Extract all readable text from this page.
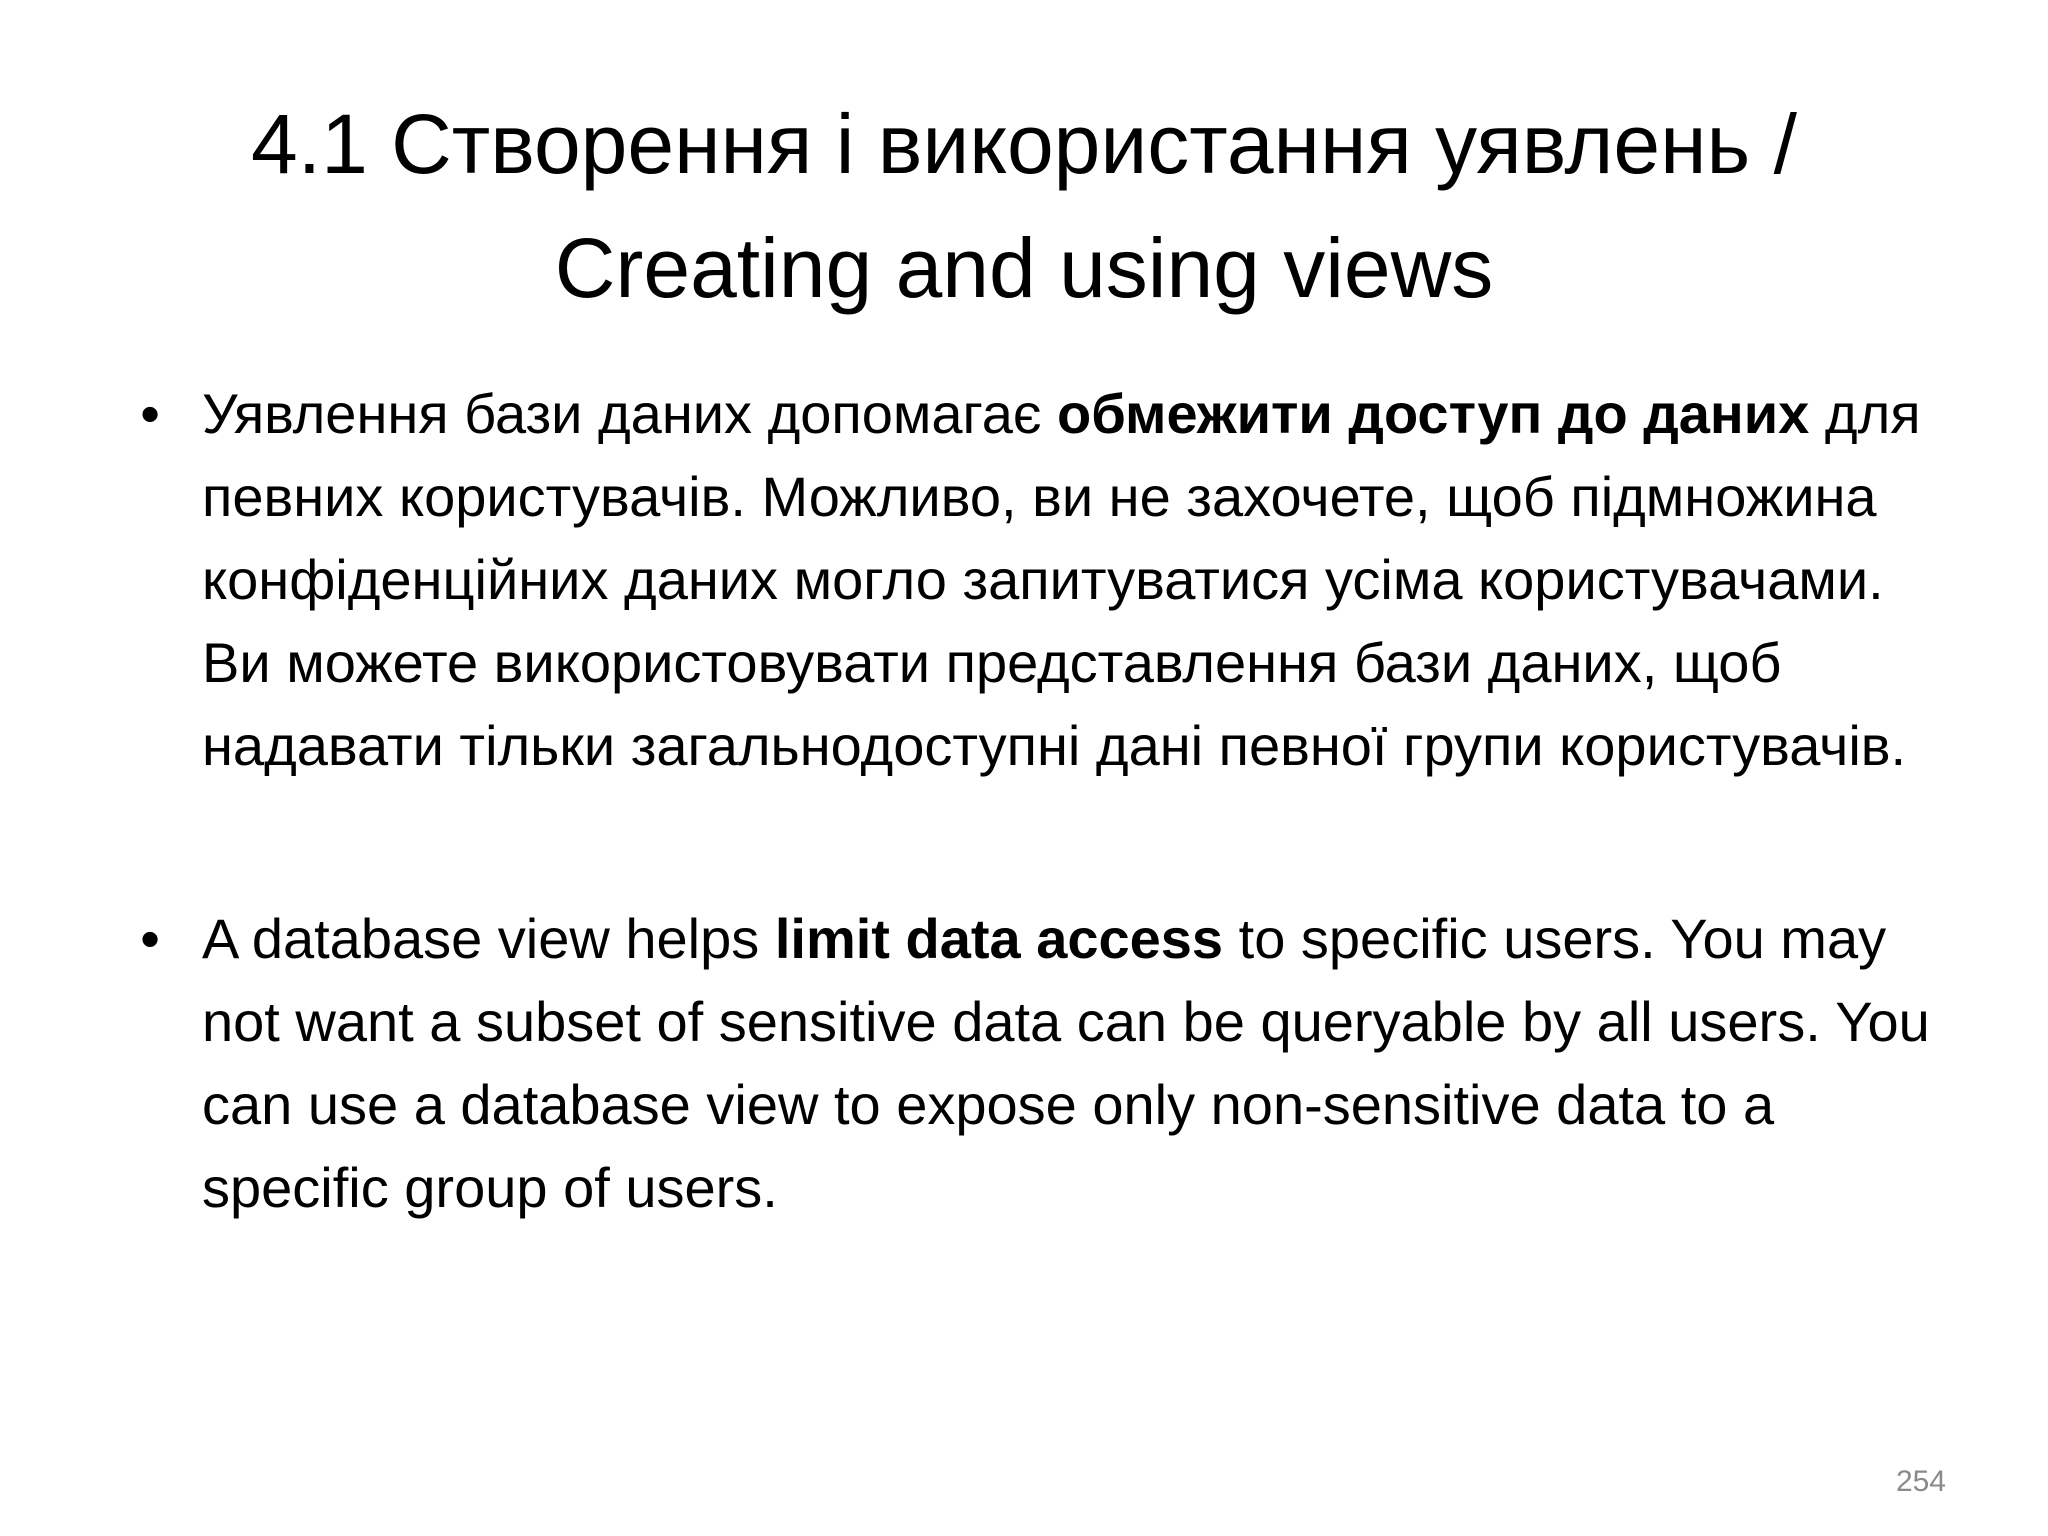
4.1 Створення і використання уявлень /
Creating and using views
• Уявлення бази даних допомагає обмежити доступ до даних для певних користувачів. Можливо, ви не захочете, щоб підмножина конфіденційних даних могло запитуватися усіма користувачами. Ви можете використовувати представлення бази даних, щоб надавати тільки загальнодоступні дані певної групи користувачів.
• A database view helps limit data access to specific users. You may not want a subset of sensitive data can be queryable by all users. You can use a database view to expose only non-sensitive data to a specific group of users.
254
